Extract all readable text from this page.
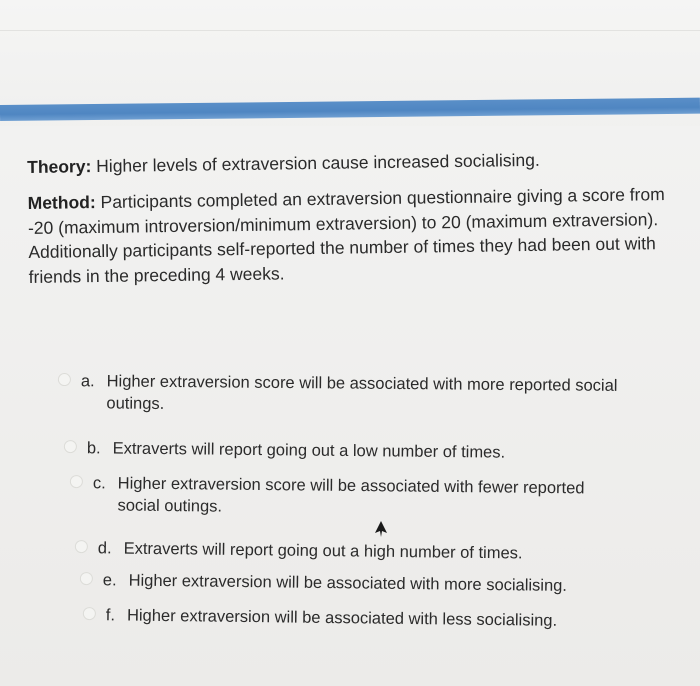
Theory: Higher levels of extraversion cause increased socialising.

Method: Participants completed an extraversion questionnaire giving a score from -20 (maximum introversion/minimum extraversion) to 20 (maximum extraversion). Additionally participants self-reported the number of times they had been out with friends in the preceding 4 weeks.

a. Higher extraversion score will be associated with more reported social outings.
b. Extraverts will report going out a low number of times.
c. Higher extraversion score will be associated with fewer reported social outings.
d. Extraverts will report going out a high number of times.
e. Higher extraversion will be associated with more socialising.
f. Higher extraversion will be associated with less socialising.
